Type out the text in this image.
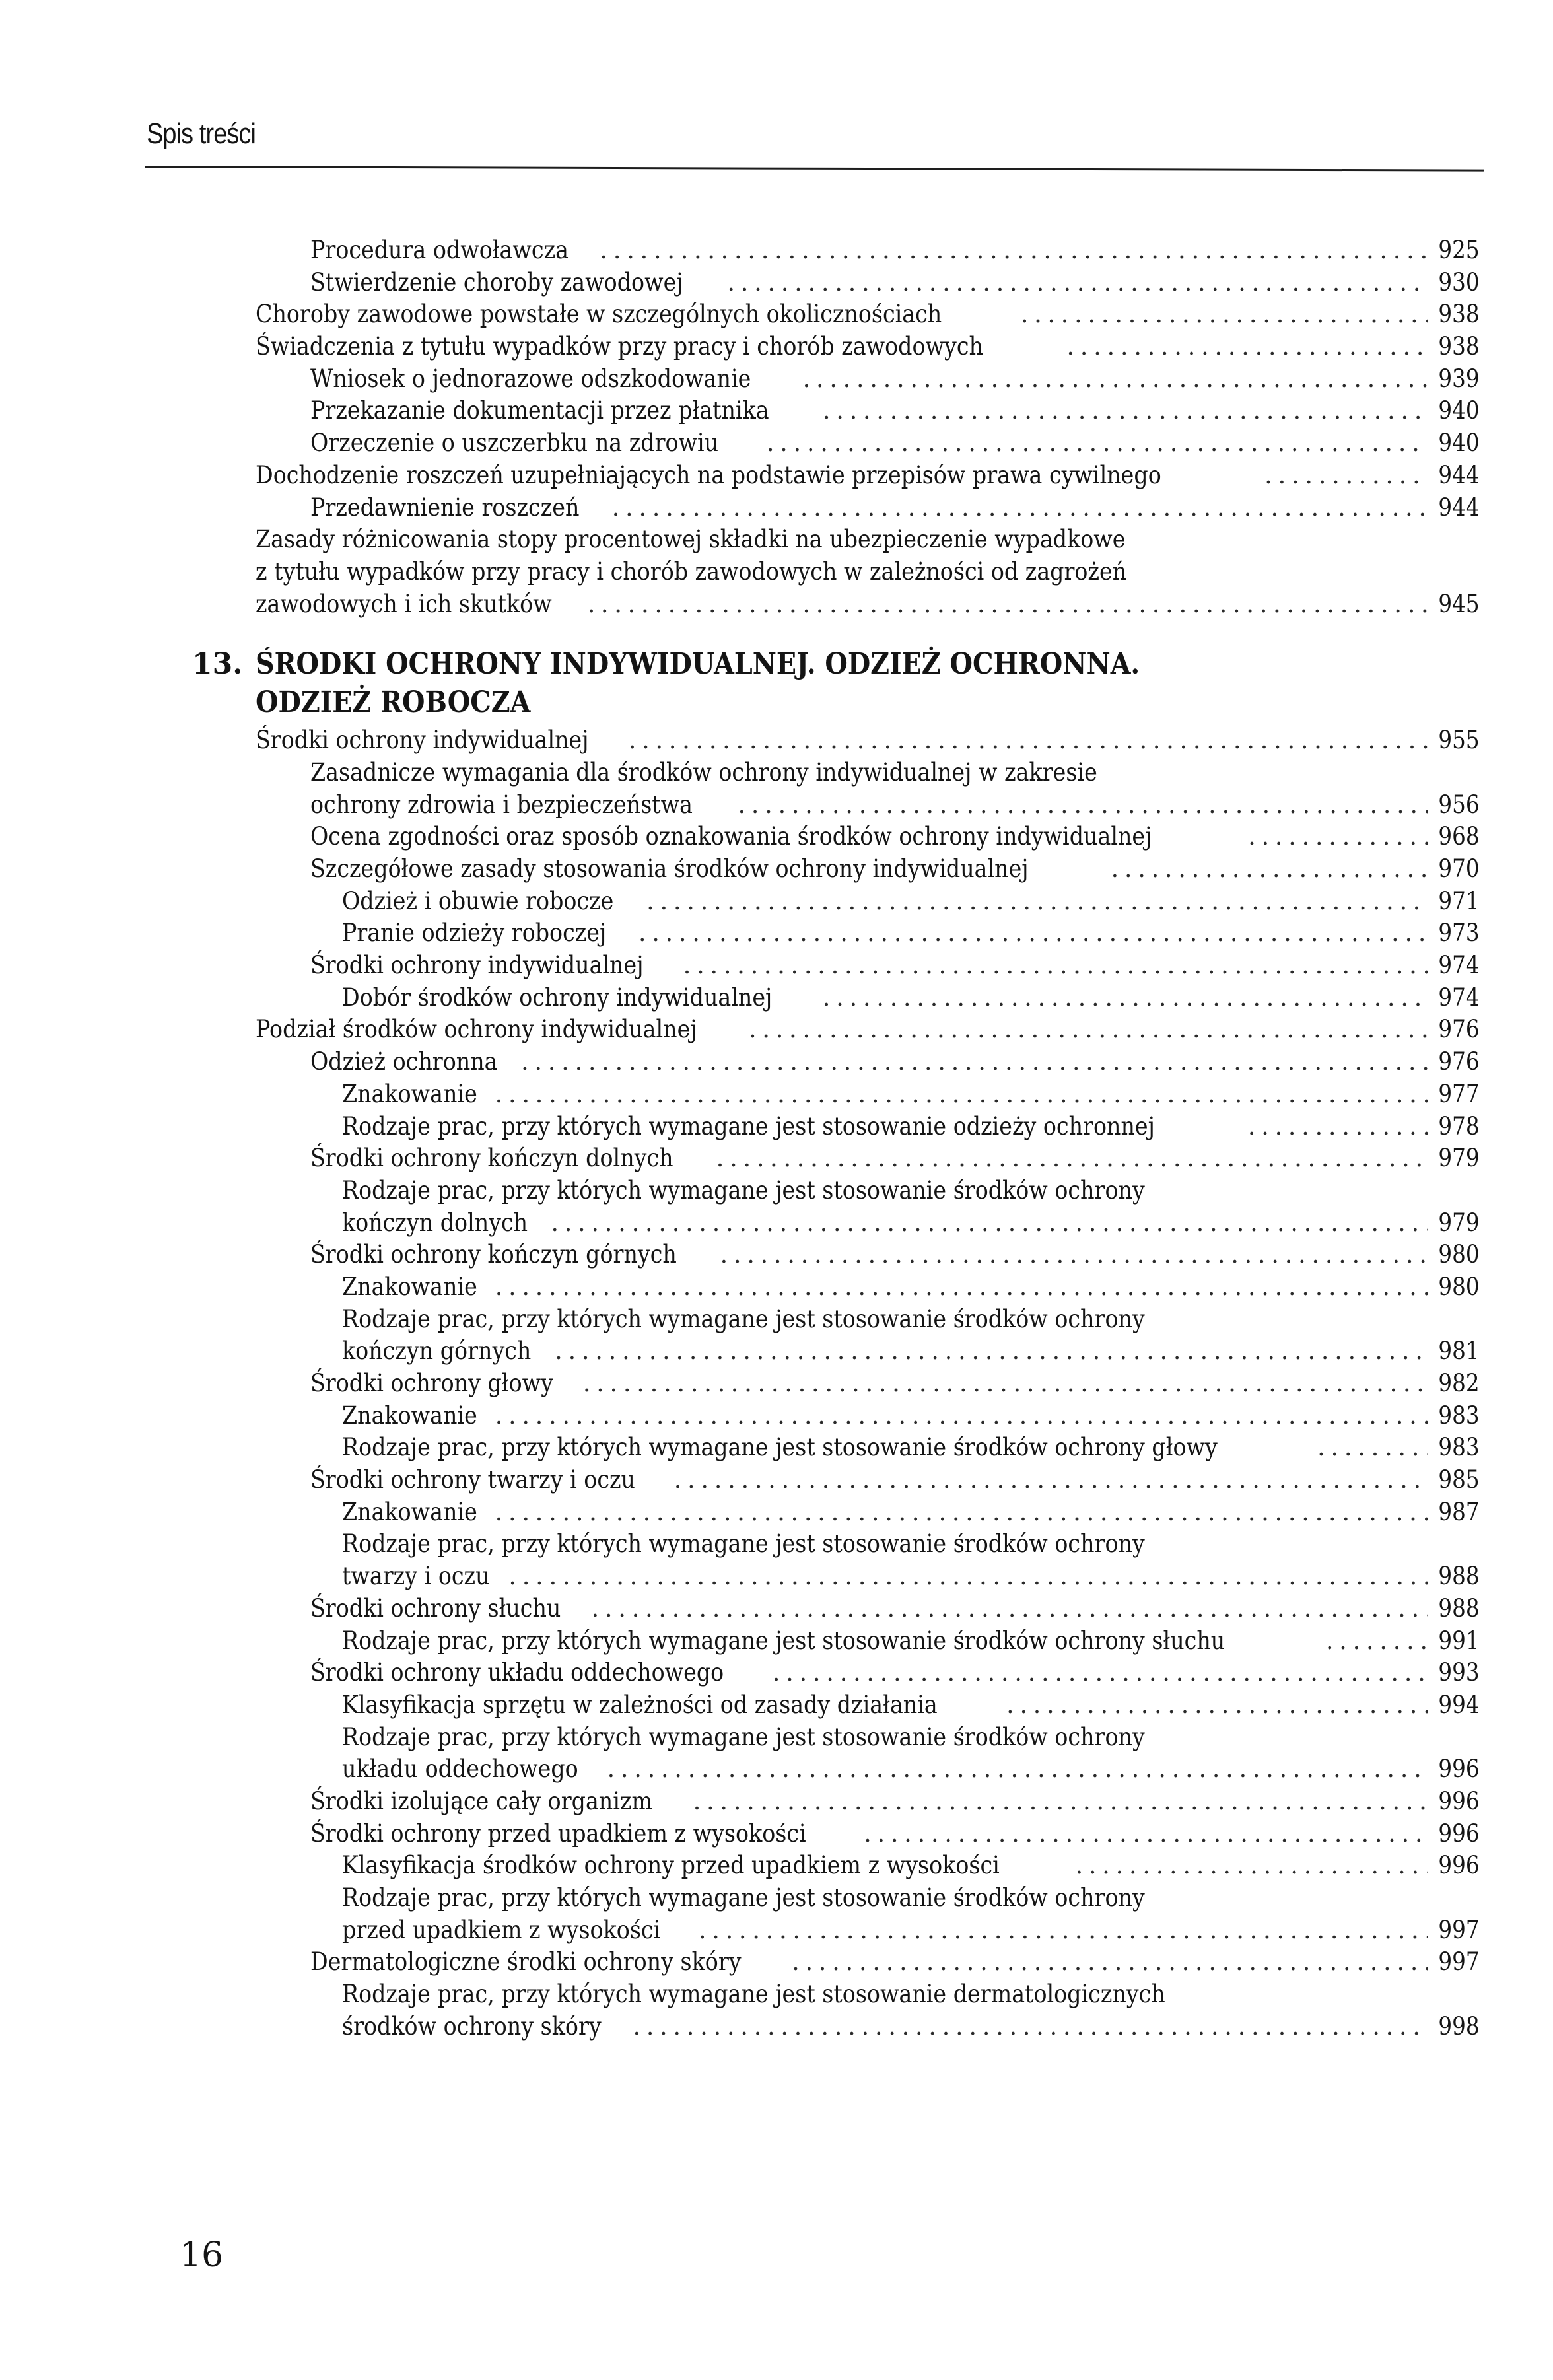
Spis treści
Procedura odwoławcza .....	925
Stwierdzenie choroby zawodowej .....	930
Choroby zawodowe powstałe w szczególnych okolicznościach .....	938
Świadczenia z tytułu wypadków przy pracy i chorób zawodowych .....	938
Wniosek o jednorazowe odszkodowanie .....	939
Przekazanie dokumentacji przez płatnika .....	940
Orzeczenie o uszczerbku na zdrowiu .....	940
Dochodzenie roszczeń uzupełniających na podstawie przepisów prawa cywilnego .....	944
Przedawnienie roszczeń .....	944
Zasady różnicowania stopy procentowej składki na ubezpieczenie wypadkowe
z tytułu wypadków przy pracy i chorób zawodowych w zależności od zagrożeń
zawodowych i ich skutków .....	945
13. ŚRODKI OCHRONY INDYWIDUALNEJ. ODZIEŻ OCHRONNA.
ODZIEŻ ROBOCZA
Środki ochrony indywidualnej .....	955
Zasadnicze wymagania dla środków ochrony indywidualnej w zakresie
ochrony zdrowia i bezpieczeństwa .....	956
Ocena zgodności oraz sposób oznakowania środków ochrony indywidualnej .....	968
Szczegółowe zasady stosowania środków ochrony indywidualnej .....	970
Odzież i obuwie robocze .....	971
Pranie odzieży roboczej .....	973
Środki ochrony indywidualnej .....	974
Dobór środków ochrony indywidualnej .....	974
Podział środków ochrony indywidualnej .....	976
Odzież ochronna .....	976
Znakowanie .....	977
Rodzaje prac, przy których wymagane jest stosowanie odzieży ochronnej .....	978
Środki ochrony kończyn dolnych .....	979
Rodzaje prac, przy których wymagane jest stosowanie środków ochrony
kończyn dolnych .....	979
Środki ochrony kończyn górnych .....	980
Znakowanie .....	980
Rodzaje prac, przy których wymagane jest stosowanie środków ochrony
kończyn górnych .....	981
Środki ochrony głowy .....	982
Znakowanie .....	983
Rodzaje prac, przy których wymagane jest stosowanie środków ochrony głowy .....	983
Środki ochrony twarzy i oczu .....	985
Znakowanie .....	987
Rodzaje prac, przy których wymagane jest stosowanie środków ochrony
twarzy i oczu .....	988
Środki ochrony słuchu .....	988
Rodzaje prac, przy których wymagane jest stosowanie środków ochrony słuchu .....	991
Środki ochrony układu oddechowego .....	993
Klasyfikacja sprzętu w zależności od zasady działania .....	994
Rodzaje prac, przy których wymagane jest stosowanie środków ochrony
układu oddechowego .....	996
Środki izolujące cały organizm .....	996
Środki ochrony przed upadkiem z wysokości .....	996
Klasyfikacja środków ochrony przed upadkiem z wysokości .....	996
Rodzaje prac, przy których wymagane jest stosowanie środków ochrony
przed upadkiem z wysokości .....	997
Dermatologiczne środki ochrony skóry .....	997
Rodzaje prac, przy których wymagane jest stosowanie dermatologicznych
środków ochrony skóry .....	998
16
